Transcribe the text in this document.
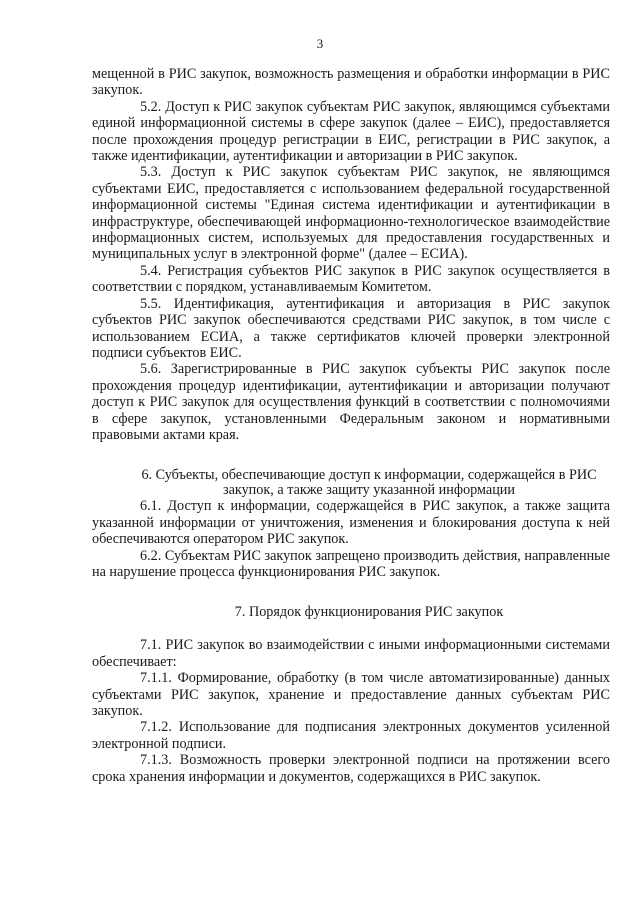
3

мещенной в РИС закупок, возможность размещения и обработки информации в РИС закупок.

5.2. Доступ к РИС закупок субъектам РИС закупок, являющимся субъектами единой информационной системы в сфере закупок (далее – ЕИС), предоставляется после прохождения процедур регистрации в ЕИС, регистрации в РИС закупок, а также идентификации, аутентификации и авторизации в РИС закупок.

5.3. Доступ к РИС закупок субъектам РИС закупок, не являющимся субъектами ЕИС, предоставляется с использованием федеральной государственной информационной системы "Единая система идентификации и аутентификации в инфраструктуре, обеспечивающей информационно-технологическое взаимодействие информационных систем, используемых для предоставления государственных и муниципальных услуг в электронной форме" (далее – ЕСИА).

5.4. Регистрация субъектов РИС закупок в РИС закупок осуществляется в соответствии с порядком, устанавливаемым Комитетом.

5.5. Идентификация, аутентификация и авторизация в РИС закупок субъектов РИС закупок обеспечиваются средствами РИС закупок, в том числе с использованием ЕСИА, а также сертификатов ключей проверки электронной подписи субъектов ЕИС.

5.6. Зарегистрированные в РИС закупок субъекты РИС закупок после прохождения процедур идентификации, аутентификации и авторизации получают доступ к РИС закупок для осуществления функций в соответствии с полномочиями в сфере закупок, установленными Федеральным законом и нормативными правовыми актами края.

6. Субъекты, обеспечивающие доступ к информации, содержащейся в РИС закупок, а также защиту указанной информации

6.1. Доступ к информации, содержащейся в РИС закупок, а также защита указанной информации от уничтожения, изменения и блокирования доступа к ней обеспечиваются оператором РИС закупок.

6.2. Субъектам РИС закупок запрещено производить действия, направленные на нарушение процесса функционирования РИС закупок.

7. Порядок функционирования РИС закупок

7.1. РИС закупок во взаимодействии с иными информационными системами обеспечивает:

7.1.1. Формирование, обработку (в том числе автоматизированные) данных субъектами РИС закупок, хранение и предоставление данных субъектам РИС закупок.

7.1.2. Использование для подписания электронных документов усиленной электронной подписи.

7.1.3. Возможность проверки электронной подписи на протяжении всего срока хранения информации и документов, содержащихся в РИС закупок.
